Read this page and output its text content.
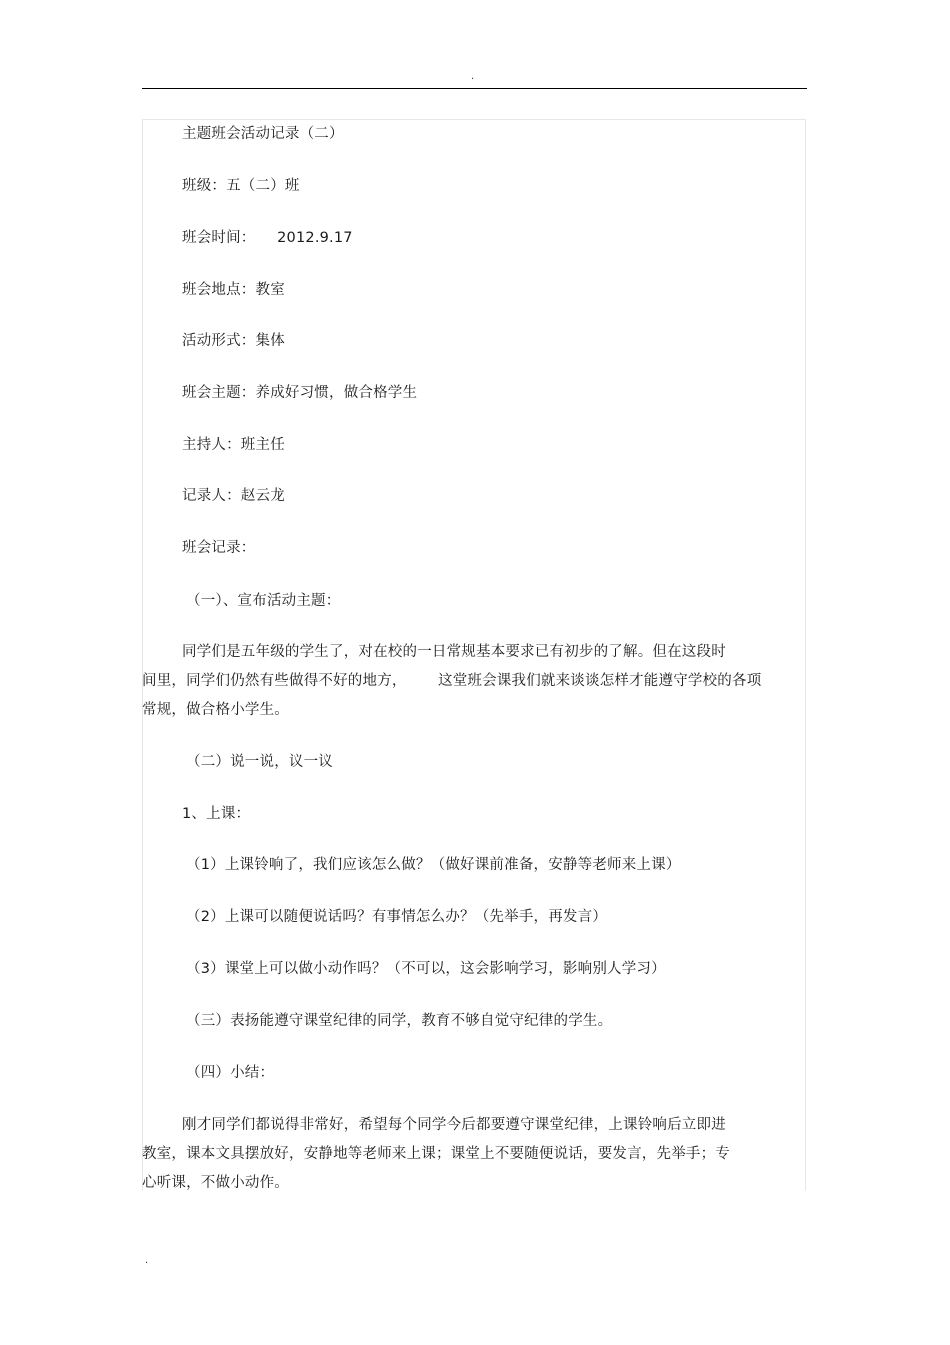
.
主题班会活动记录（二）
班级：五（二）班
班会时间： 2012.9.17
班会地点：教室
活动形式：集体
班会主题：养成好习惯，做合格学生
主持人：班主任
记录人：赵云龙
班会记录：
（一）、宣布活动主题：
同学们是五年级的学生了，对在校的一日常规基本要求已有初步的了解。但在这段时
间里，同学们仍然有些做得不好的地方， 这堂班会课我们就来谈谈怎样才能遵守学校的各项
常规，做合格小学生。
（二）说一说，议一议
1、上课：
（1）上课铃响了，我们应该怎么做？（做好课前准备，安静等老师来上课）
（2）上课可以随便说话吗？有事情怎么办？（先举手，再发言）
（3）课堂上可以做小动作吗？（不可以，这会影响学习，影响别人学习）
（三）表扬能遵守课堂纪律的同学，教育不够自觉守纪律的学生。
（四）小结：
刚才同学们都说得非常好，希望每个同学今后都要遵守课堂纪律，上课铃响后立即进
教室，课本文具摆放好，安静地等老师来上课；课堂上不要随便说话，要发言，先举手；专
心听课，不做小动作。
.
